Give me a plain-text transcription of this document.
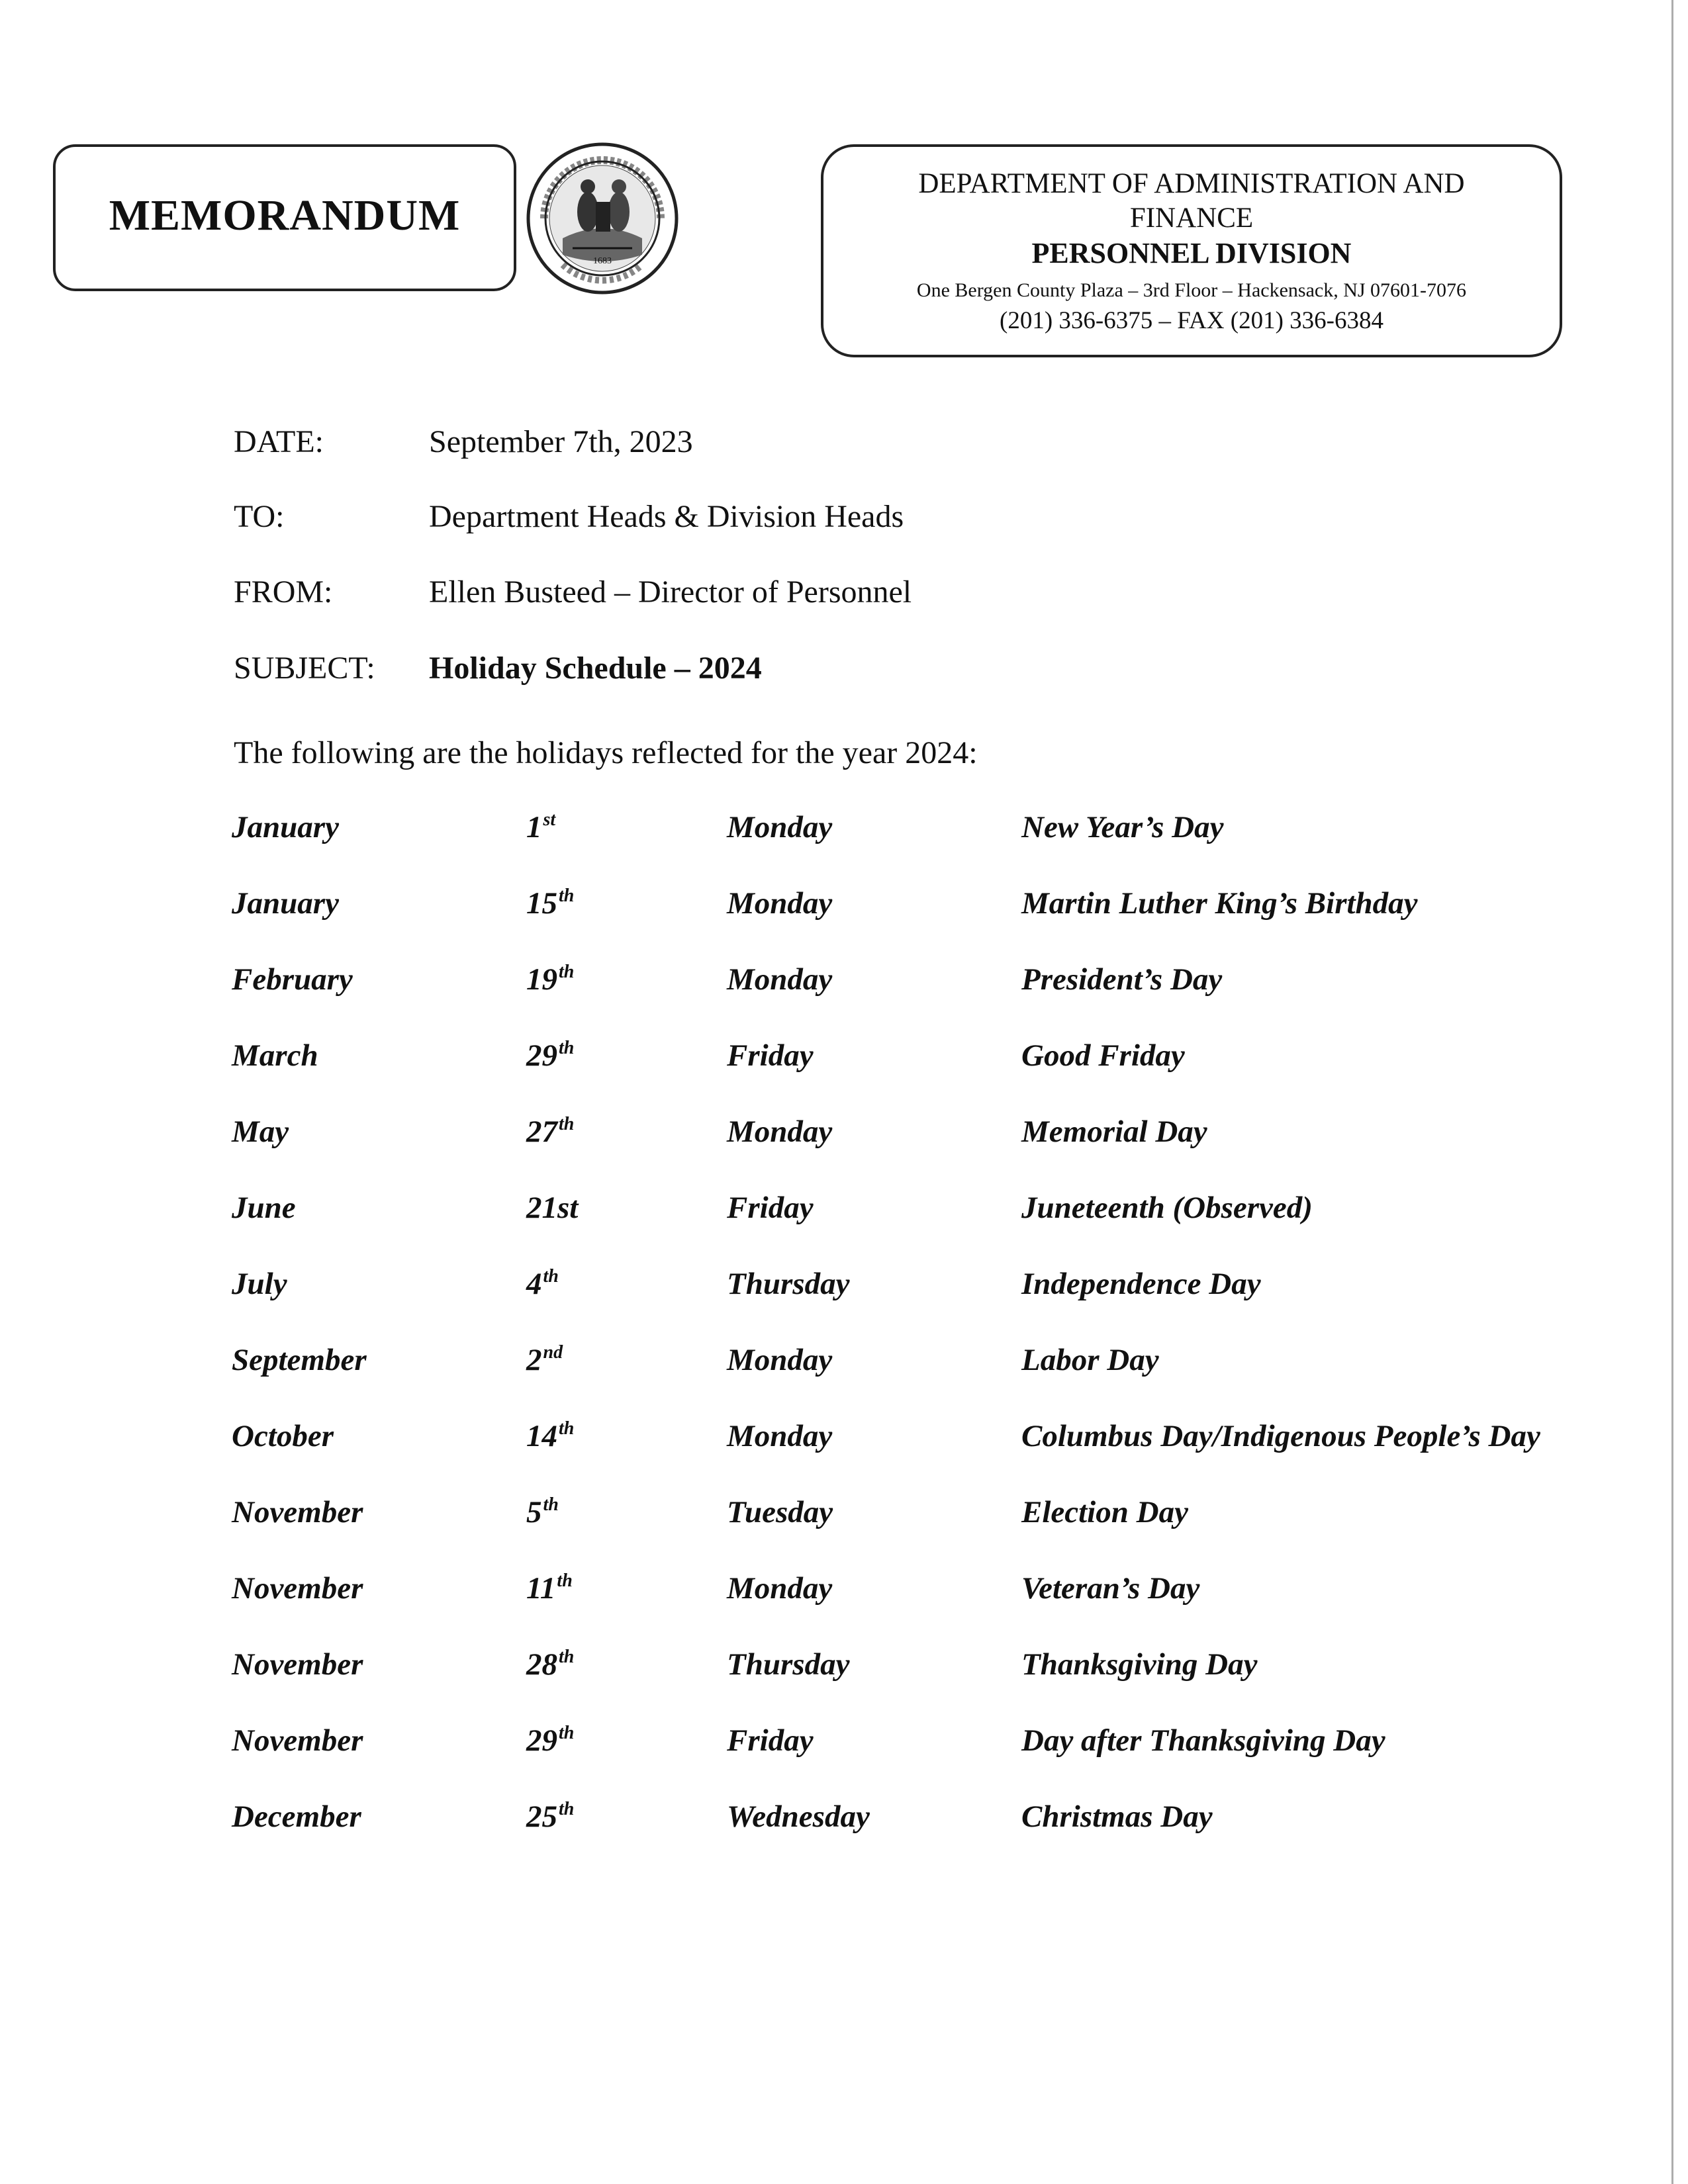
MEMORANDUM
1683
DEPARTMENT OF ADMINISTRATION AND
FINANCE
PERSONNEL DIVISION
One Bergen County Plaza – 3rd Floor – Hackensack, NJ 07601-7076
(201) 336-6375 – FAX (201) 336-6384
DATE:	September 7th, 2023
TO:	Department Heads & Division Heads
FROM:	Ellen Busteed – Director of Personnel
SUBJECT: Holiday Schedule – 2024
The following are the holidays reflected for the year 2024:
January	1st	Monday	New Year’s Day
January	15th	Monday	Martin Luther King’s Birthday
February	19th	Monday	President’s Day
March	29th	Friday	Good Friday
May	27th	Monday	Memorial Day
June	21st	Friday	Juneteenth (Observed)
July	4th	Thursday	Independence Day
September	2nd	Monday	Labor Day
October	14th	Monday	Columbus Day/Indigenous People’s Day
November	5th	Tuesday	Election Day
November	11th	Monday	Veteran’s Day
November	28th	Thursday	Thanksgiving Day
November	29th	Friday	Day after Thanksgiving Day
December	25th	Wednesday	Christmas Day
